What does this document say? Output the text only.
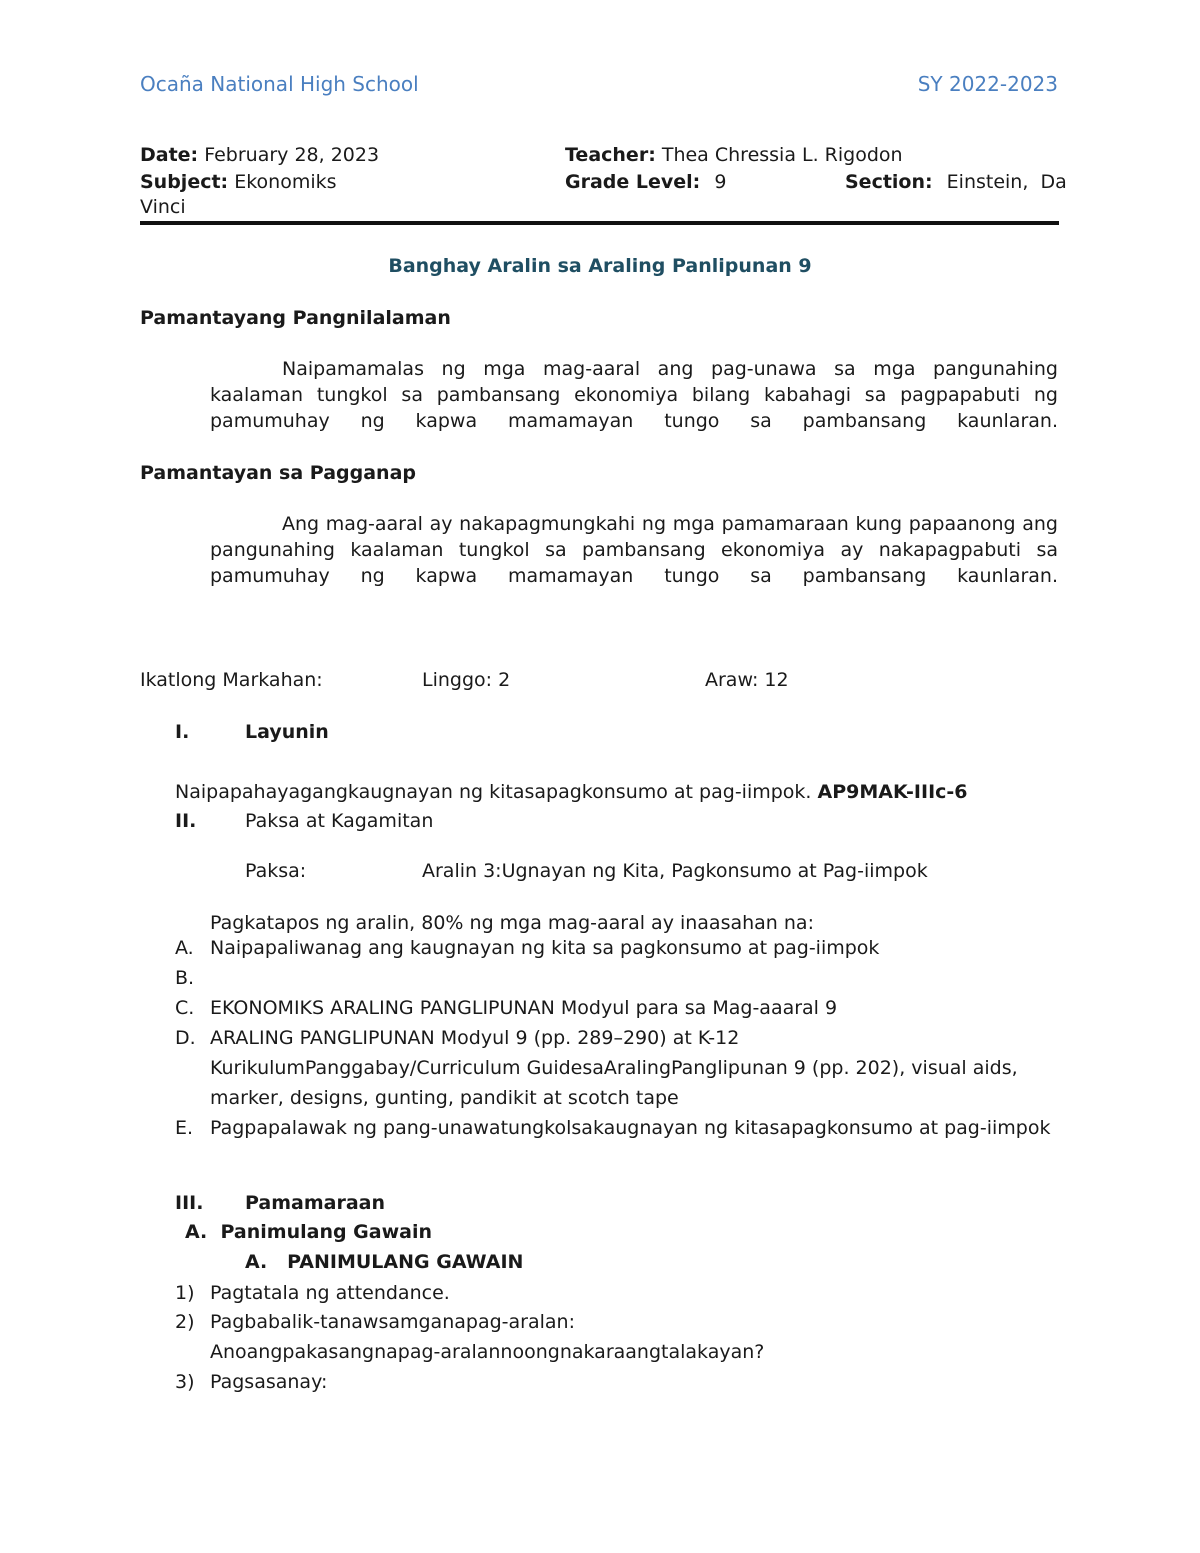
Ocaña National High School	SY 2022-2023
Date: February 28, 2023	Teacher: Thea Chressia L. Rigodon
Subject: Ekonomiks	Grade Level: 9	Section: Einstein,  Da
Vinci
Banghay Aralin sa Araling Panlipunan 9
Pamantayang Pangnilalaman
Naipamamalas ng mga mag-aaral ang pag-unawa sa mga pangunahing kaalaman tungkol sa pambansang ekonomiya bilang kabahagi sa pagpapabuti ng pamumuhay ng kapwa mamamayan tungo sa pambansang kaunlaran.
Pamantayan sa Pagganap
Ang mag-aaral ay nakapagmungkahi ng mga pamamaraan kung papaanong ang pangunahing kaalaman tungkol sa pambansang ekonomiya ay nakapagpabuti sa pamumuhay ng kapwa mamamayan tungo sa pambansang kaunlaran.
Ikatlong Markahan:	Linggo: 2	Araw: 12
I.	Layunin
Naipapahayagangkaugnayan ng kitasapagkonsumo at pag-iimpok. AP9MAK-IIIc-6
II.	Paksa at Kagamitan
Paksa:	Aralin 3:Ugnayan ng Kita, Pagkonsumo at Pag-iimpok
Pagkatapos ng aralin, 80% ng mga mag-aaral ay inaasahan na:
A. Naipapaliwanag ang kaugnayan ng kita sa pagkonsumo at pag-iimpok
B.
C. EKONOMIKS ARALING PANGLIPUNAN Modyul para sa Mag-aaaral 9
D. ARALING PANGLIPUNAN Modyul 9 (pp. 289–290) at K-12
KurikulumPanggabay/Curriculum GuidesaAralingPanglipunan 9 (pp. 202), visual aids,
marker, designs, gunting, pandikit at scotch tape
E. Pagpapalawak ng pang-unawatungkolsakaugnayan ng kitasapagkonsumo at pag-iimpok
III. Pamamaraan
A.  Panimulang Gawain
A.   PANIMULANG GAWAIN
1) Pagtatala ng attendance.
2) Pagbabalik-tanawsamganapag-aralan:
Anoangpakasangnapag-aralannoongnakaraangtalakayan?
3) Pagsasanay:
